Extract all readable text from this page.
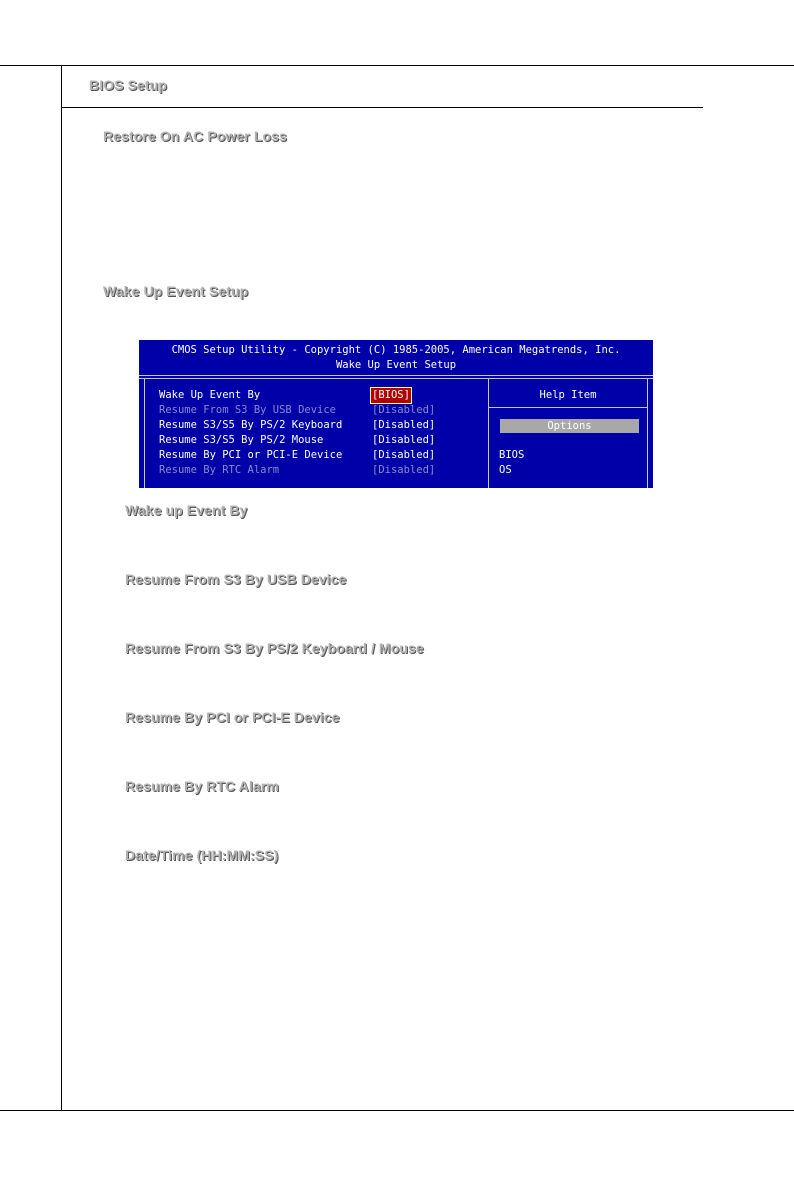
BIOS Setup
Restore On AC Power Loss
Wake Up Event Setup
CMOS Setup Utility - Copyright (C) 1985-2005, American Megatrends, Inc.
Wake Up Event Setup
Wake Up Event By	[BIOS]
Resume From S3 By USB Device	[Disabled]
Resume S3/S5 By PS/2 Keyboard	[Disabled]
Resume S3/S5 By PS/2 Mouse	[Disabled]
Resume By PCI or PCI-E Device	[Disabled]
Resume By RTC Alarm	[Disabled]
Help Item
Options
BIOS
OS
Wake up Event By
Resume From S3 By USB Device
Resume From S3 By PS/2 Keyboard / Mouse
Resume By PCI or PCI-E Device
Resume By RTC Alarm
Date/Time (HH:MM:SS)
